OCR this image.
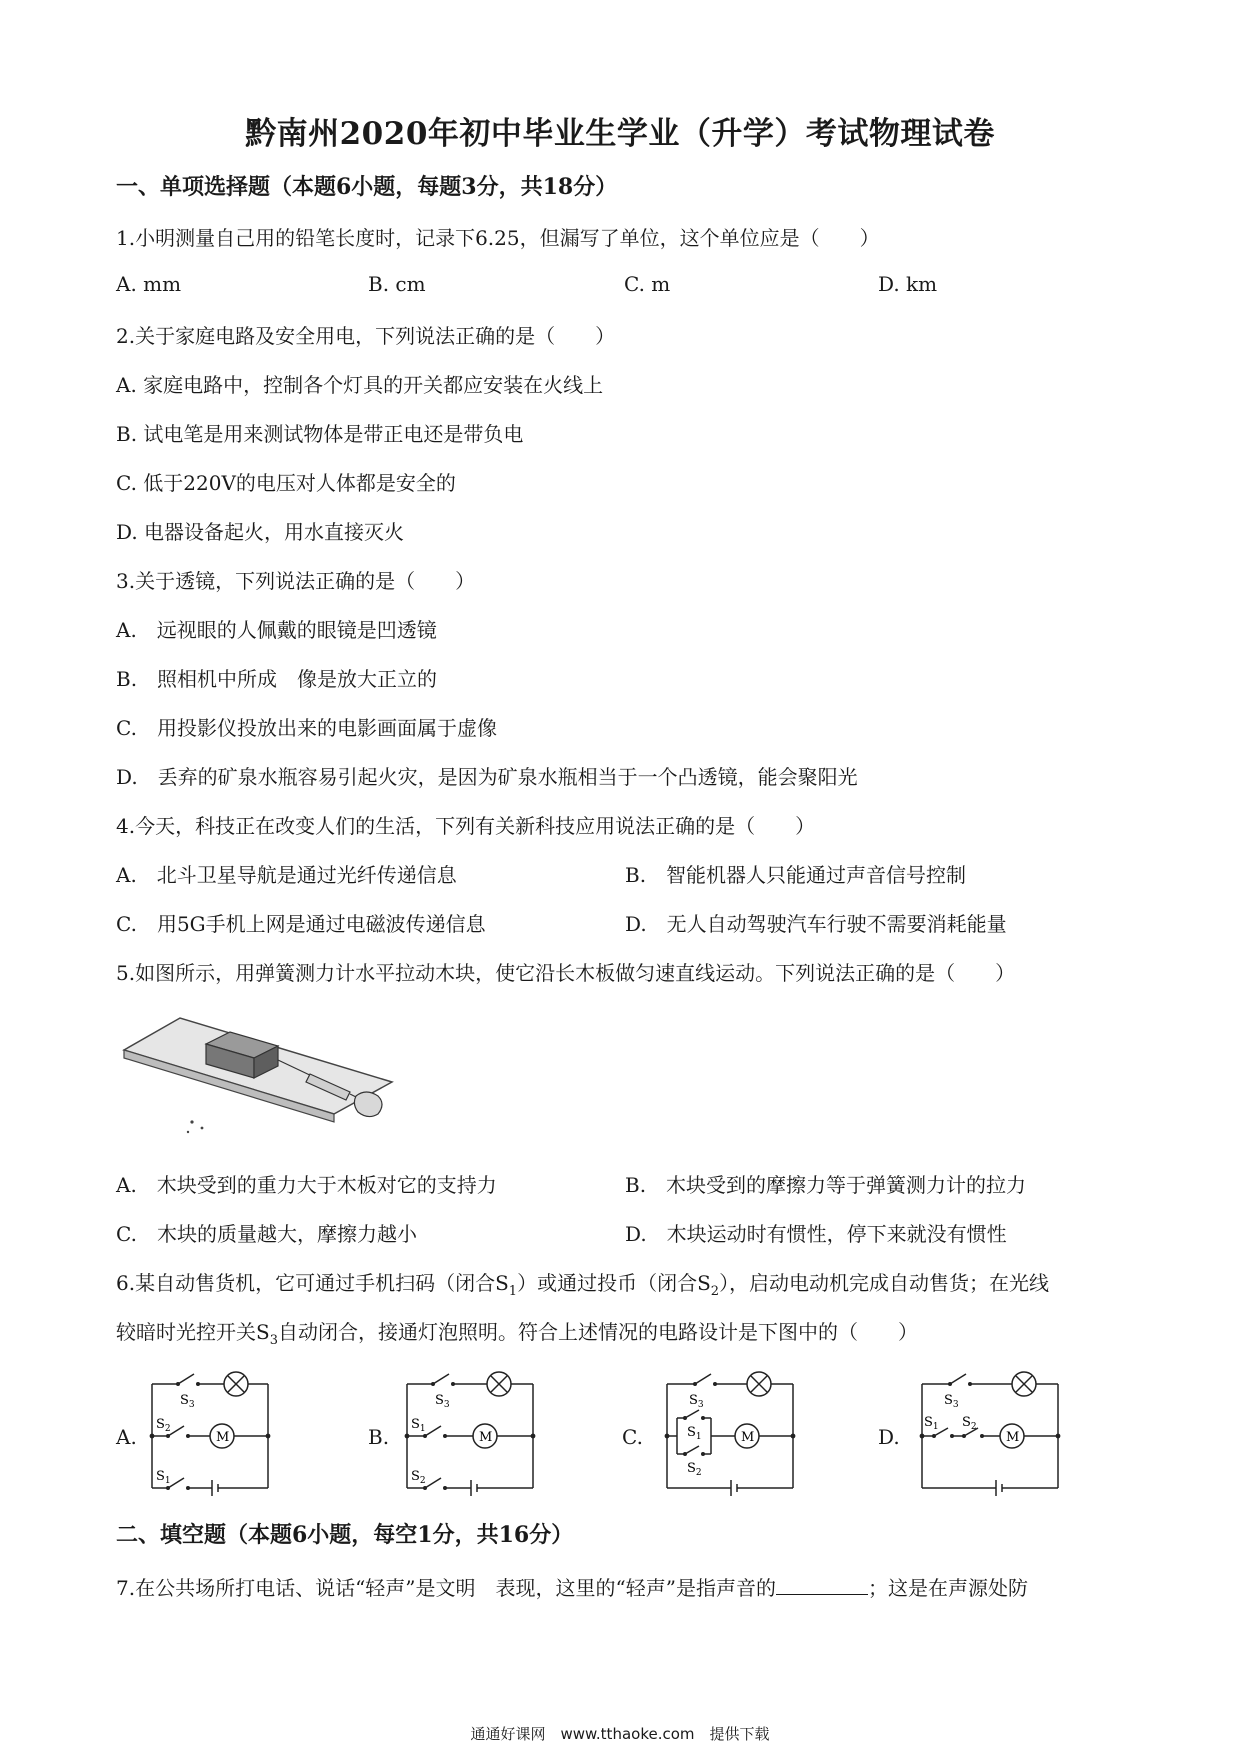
黔南州2020年初中毕业生学业（升学）考试物理试卷
一、单项选择题（本题6小题，每题3分，共18分）
1.小明测量自己用的铅笔长度时，记录下6.25，但漏写了单位，这个单位应是（　　）
A. mm	B. cm	C. m	D. km
2.关于家庭电路及安全用电，下列说法正确的是（　　）
A. 家庭电路中，控制各个灯具的开关都应安装在火线上
B. 试电笔是用来测试物体是带正电还是带负电
C. 低于220V的电压对人体都是安全的
D. 电器设备起火，用水直接灭火
3.关于透镜，下列说法正确的是（　　）
A.　远视眼的人佩戴的眼镜是凹透镜
B.　照相机中所成　像是放大正立的
C.　用投影仪投放出来的电影画面属于虚像
D.　丢弃的矿泉水瓶容易引起火灾，是因为矿泉水瓶相当于一个凸透镜，能会聚阳光
4.今天，科技正在改变人们的生活，下列有关新科技应用说法正确的是（　　）
A.　北斗卫星导航是通过光纤传递信息	B.　智能机器人只能通过声音信号控制
C.　用5G手机上网是通过电磁波传递信息	D.　无人自动驾驶汽车行驶不需要消耗能量
5.如图所示，用弹簧测力计水平拉动木块，使它沿长木板做匀速直线运动。下列说法正确的是（　　）
A.　木块受到的重力大于木板对它的支持力	B.　木块受到的摩擦力等于弹簧测力计的拉力
C.　木块的质量越大，摩擦力越小	D.　木块运动时有惯性，停下来就没有惯性
6.某自动售货机，它可通过手机扫码（闭合$S_1$）或通过投币（闭合$S_2$），启动电动机完成自动售货；在光线
较暗时光控开关$S_3$自动闭合，接通灯泡照明。符合上述情况的电路设计是下图中的（　　）
A.
$S_3$
$S_2$
$S_1$
M	B.
$S_3$
$S_1$
$S_2$
M	C.
$S_3$
$S_1$
$S_2$
M	D.
$S_3$
$S_1$ $S_2$
M
二、填空题（本题6小题，每空1分，共16分）
7.在公共场所打电话、说话“轻声”是文明　表现，这里的“轻声”是指声音的	；这是在声源处防
通通好课网　www.tthaoke.com　提供下载
